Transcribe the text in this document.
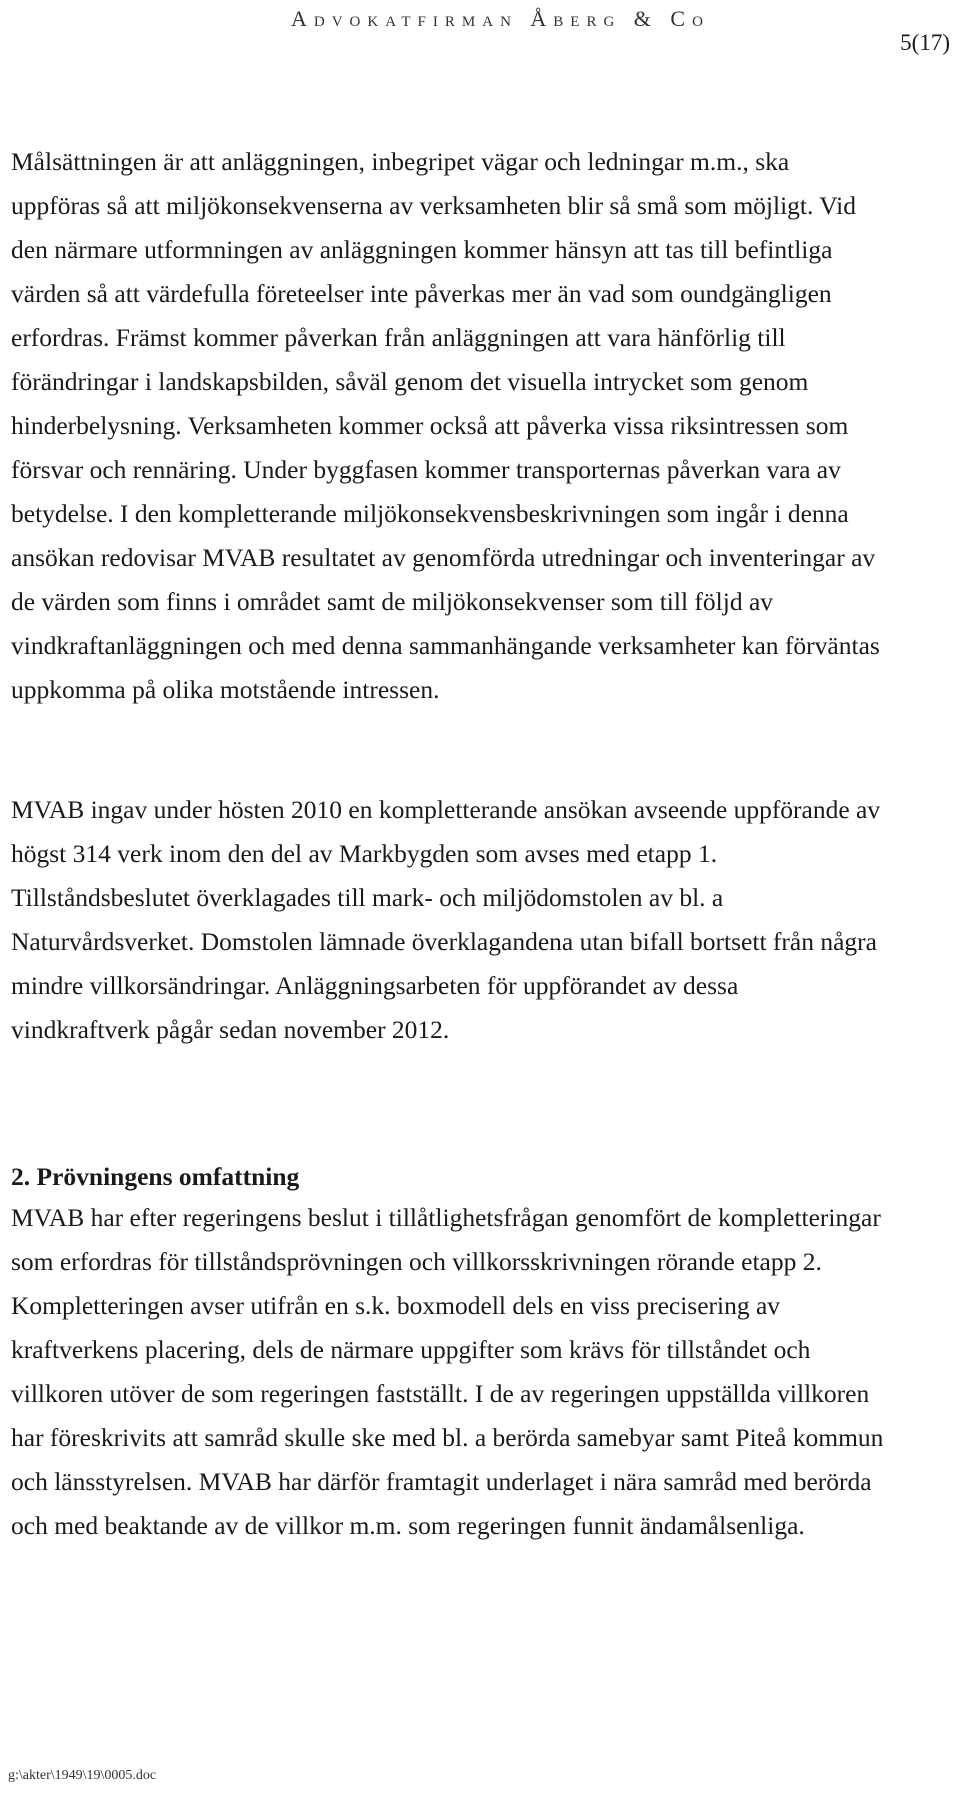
Advokatfirman Åberg & Co
5(17)

Målsättningen är att anläggningen, inbegripet vägar och ledningar m.m., ska
uppföras så att miljökonsekvenserna av verksamheten blir så små som möjligt. Vid
den närmare utformningen av anläggningen kommer hänsyn att tas till befintliga
värden så att värdefulla företeelser inte påverkas mer än vad som oundgängligen
erfordras. Främst kommer påverkan från anläggningen att vara hänförlig till
förändringar i landskapsbilden, såväl genom det visuella intrycket som genom
hinderbelysning. Verksamheten kommer också att påverka vissa riksintressen som
försvar och rennäring. Under byggfasen kommer transporternas påverkan vara av
betydelse. I den kompletterande miljökonsekvensbeskrivningen som ingår i denna
ansökan redovisar MVAB resultatet av genomförda utredningar och inventeringar av
de värden som finns i området samt de miljökonsekvenser som till följd av
vindkraftanläggningen och med denna sammanhängande verksamheter kan förväntas
uppkomma på olika motstående intressen.

MVAB ingav under hösten 2010 en kompletterande ansökan avseende uppförande av
högst 314 verk inom den del av Markbygden som avses med etapp 1.
Tillståndsbeslutet överklagades till mark- och miljödomstolen av bl. a
Naturvårdsverket. Domstolen lämnade överklagandena utan bifall bortsett från några
mindre villkorsändringar. Anläggningsarbeten för uppförandet av dessa
vindkraftverk pågår sedan november 2012.

2. Prövningens omfattning

MVAB har efter regeringens beslut i tillåtlighetsfrågan genomfört de kompletteringar
som erfordras för tillståndsprövningen och villkorsskrivningen rörande etapp 2.
Kompletteringen avser utifrån en s.k. boxmodell dels en viss precisering av
kraftverkens placering, dels de närmare uppgifter som krävs för tillståndet och
villkoren utöver de som regeringen fastställt. I de av regeringen uppställda villkoren
har föreskrivits att samråd skulle ske med bl. a berörda samebyar samt Piteå kommun
och länsstyrelsen. MVAB har därför framtagit underlaget i nära samråd med berörda
och med beaktande av de villkor m.m. som regeringen funnit ändamålsenliga.

g:\akter\1949\19\0005.doc
